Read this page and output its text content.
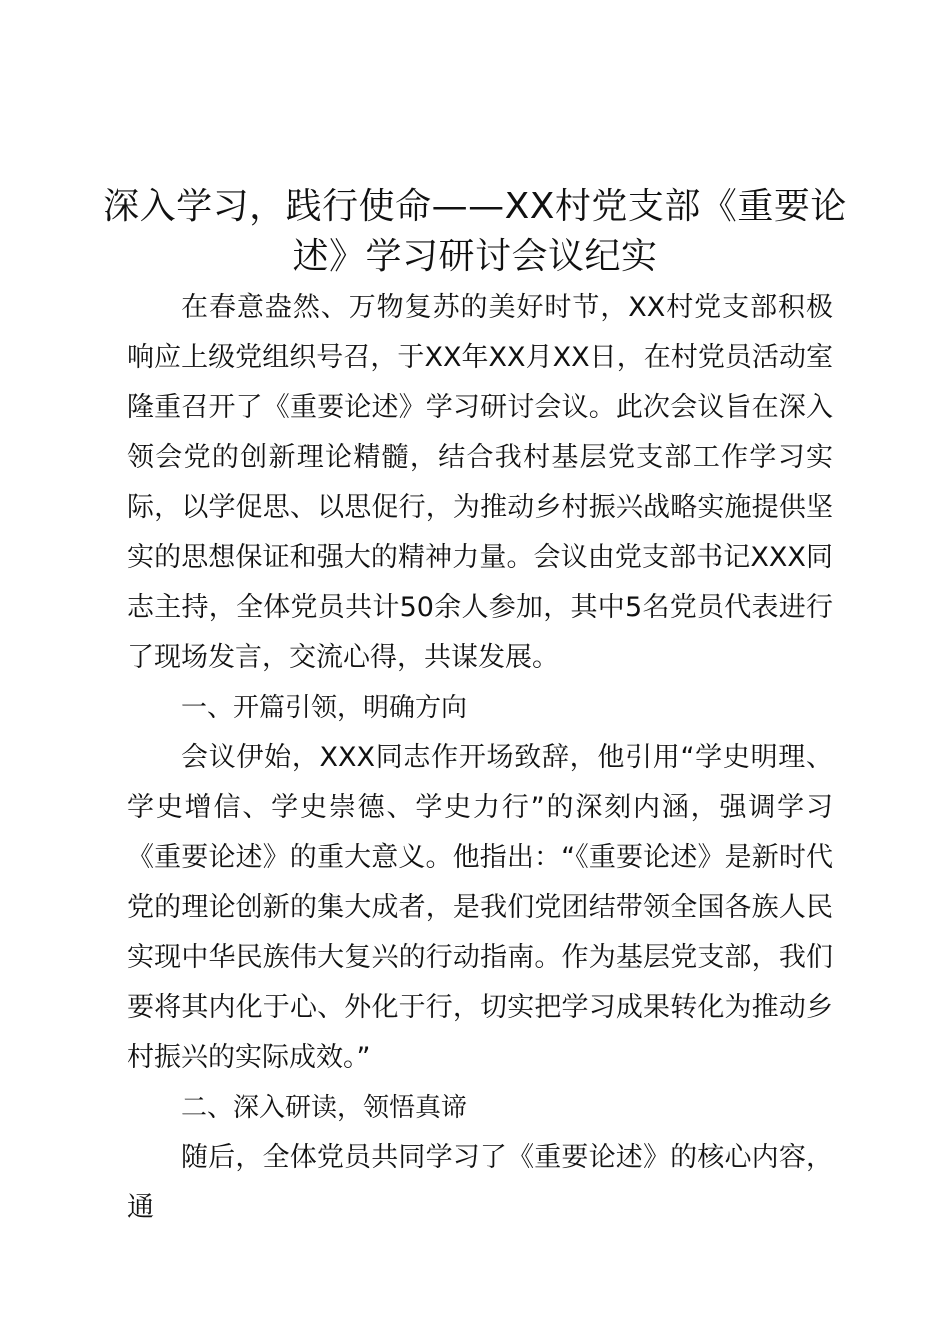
深入学习，践行使命——XX村党支部《重要论述》学习研讨会议纪实

在春意盎然、万物复苏的美好时节，XX村党支部积极响应上级党组织号召，于XX年XX月XX日，在村党员活动室隆重召开了《重要论述》学习研讨会议。此次会议旨在深入领会党的创新理论精髓，结合我村基层党支部工作学习实际，以学促思、以思促行，为推动乡村振兴战略实施提供坚实的思想保证和强大的精神力量。会议由党支部书记XXX同志主持，全体党员共计50余人参加，其中5名党员代表进行了现场发言，交流心得，共谋发展。

一、开篇引领，明确方向

会议伊始，XXX同志作开场致辞，他引用“学史明理、学史增信、学史崇德、学史力行”的深刻内涵，强调学习《重要论述》的重大意义。他指出：“《重要论述》是新时代党的理论创新的集大成者，是我们党团结带领全国各族人民实现中华民族伟大复兴的行动指南。作为基层党支部，我们要将其内化于心、外化于行，切实把学习成果转化为推动乡村振兴的实际成效。”

二、深入研读，领悟真谛

随后，全体党员共同学习了《重要论述》的核心内容，通
